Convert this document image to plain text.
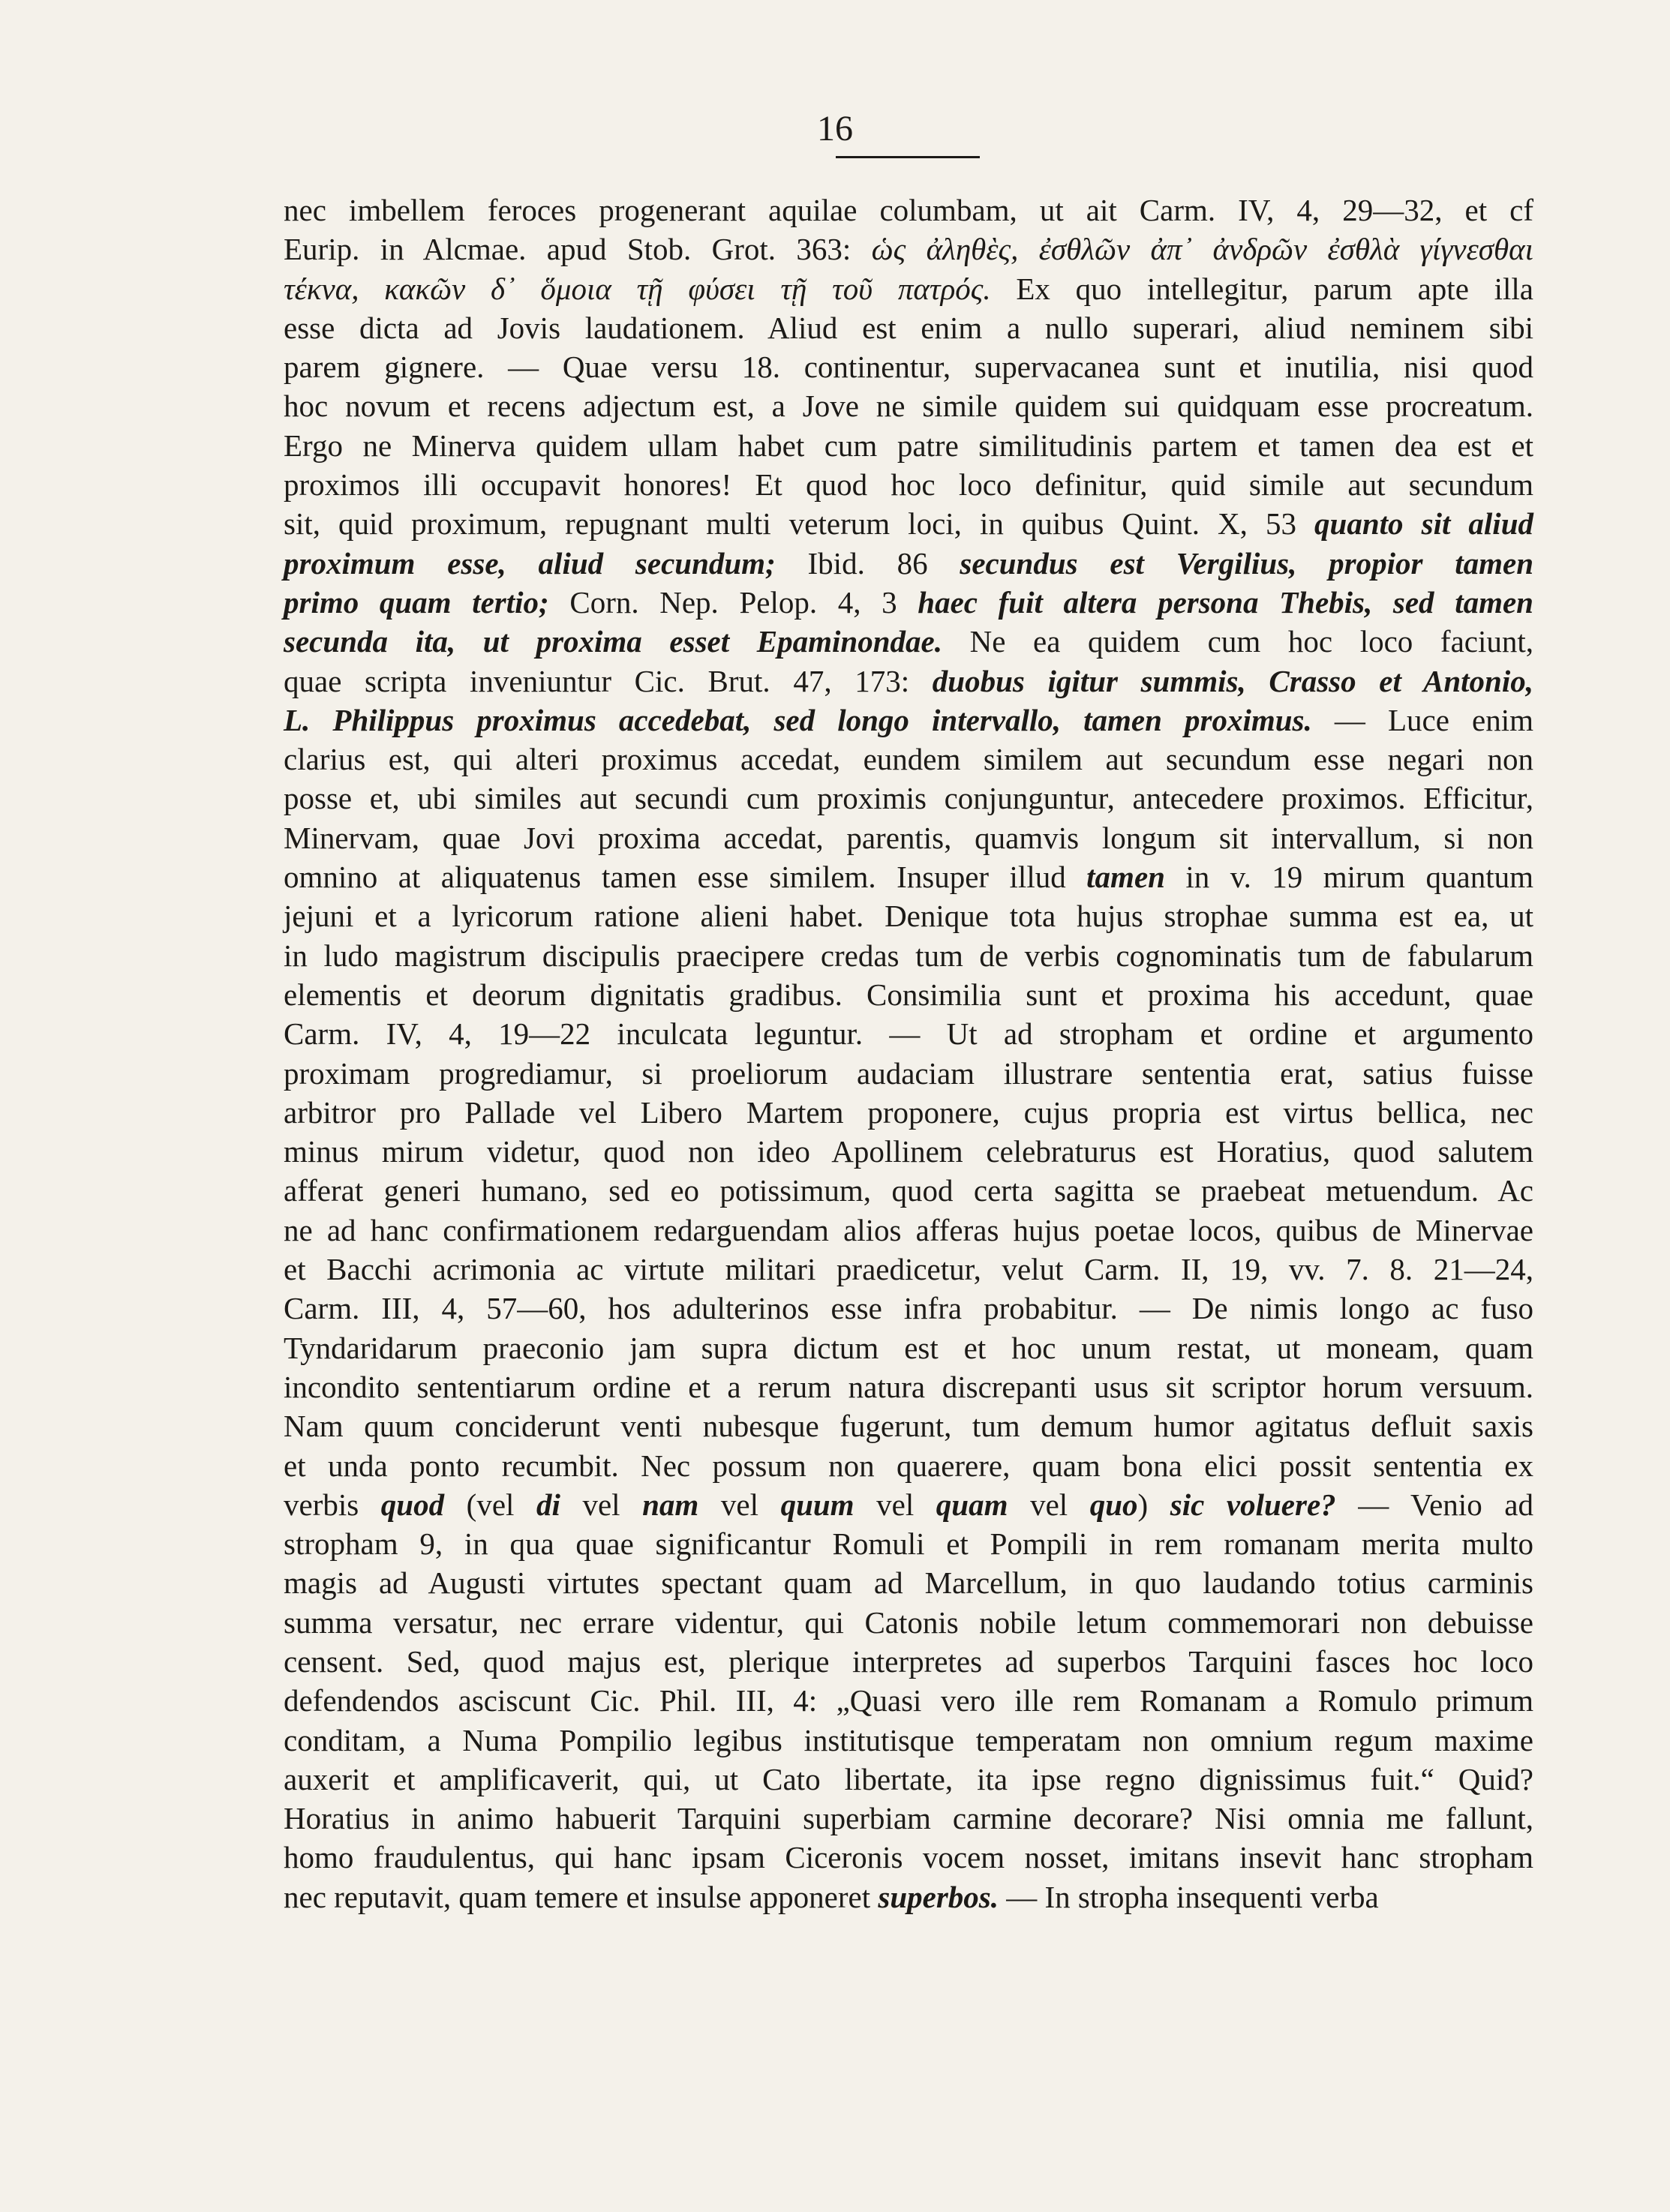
16
nec imbellem feroces progenerant aquilae columbam, ut ait Carm. IV, 4, 29—32, et cf
Eurip. in Alcmae. apud Stob. Grot. 363: ὡς ἀληθὲς, ἐσθλῶν ἀπ᾽ ἀνδρῶν ἐσθλὰ γίγνεσθαι
τέκνα, κακῶν δ᾽ ὅμοια τῇ φύσει τῇ τοῦ πατρός. Ex quo intellegitur, parum apte illa
esse dicta ad Jovis laudationem. Aliud est enim a nullo superari, aliud neminem sibi
parem gignere. — Quae versu 18. continentur, supervacanea sunt et inutilia, nisi quod
hoc novum et recens adjectum est, a Jove ne simile quidem sui quidquam esse procreatum.
Ergo ne Minerva quidem ullam habet cum patre similitudinis partem et tamen dea est et
proximos illi occupavit honores! Et quod hoc loco definitur, quid simile aut secundum
sit, quid proximum, repugnant multi veterum loci, in quibus Quint. X, 53 quanto sit aliud
proximum esse, aliud secundum; Ibid. 86 secundus est Vergilius, propior tamen
primo quam tertio; Corn. Nep. Pelop. 4, 3 haec fuit altera persona Thebis, sed tamen
secunda ita, ut proxima esset Epaminondae. Ne ea quidem cum hoc loco faciunt,
quae scripta inveniuntur Cic. Brut. 47, 173: duobus igitur summis, Crasso et Antonio,
L. Philippus proximus accedebat, sed longo intervallo, tamen proximus. — Luce enim
clarius est, qui alteri proximus accedat, eundem similem aut secundum esse negari non
posse et, ubi similes aut secundi cum proximis conjunguntur, antecedere proximos. Efficitur,
Minervam, quae Jovi proxima accedat, parentis, quamvis longum sit intervallum, si non
omnino at aliquatenus tamen esse similem. Insuper illud tamen in v. 19 mirum quantum
jejuni et a lyricorum ratione alieni habet. Denique tota hujus strophae summa est ea, ut
in ludo magistrum discipulis praecipere credas tum de verbis cognominatis tum de fabularum
elementis et deorum dignitatis gradibus. Consimilia sunt et proxima his accedunt, quae
Carm. IV, 4, 19—22 inculcata leguntur. — Ut ad stropham et ordine et argumento
proximam progrediamur, si proeliorum audaciam illustrare sententia erat, satius fuisse
arbitror pro Pallade vel Libero Martem proponere, cujus propria est virtus bellica, nec
minus mirum videtur, quod non ideo Apollinem celebraturus est Horatius, quod salutem
afferat generi humano, sed eo potissimum, quod certa sagitta se praebeat metuendum. Ac
ne ad hanc confirmationem redarguendam alios afferas hujus poetae locos, quibus de Minervae
et Bacchi acrimonia ac virtute militari praedicetur, velut Carm. II, 19, vv. 7. 8. 21—24,
Carm. III, 4, 57—60, hos adulterinos esse infra probabitur. — De nimis longo ac fuso
Tyndaridarum praeconio jam supra dictum est et hoc unum restat, ut moneam, quam
incondito sententiarum ordine et a rerum natura discrepanti usus sit scriptor horum versuum.
Nam quum conciderunt venti nubesque fugerunt, tum demum humor agitatus defluit saxis
et unda ponto recumbit. Nec possum non quaerere, quam bona elici possit sententia ex
verbis quod (vel di vel nam vel quum vel quam vel quo) sic voluere? — Venio ad
stropham 9, in qua quae significantur Romuli et Pompili in rem romanam merita multo
magis ad Augusti virtutes spectant quam ad Marcellum, in quo laudando totius carminis
summa versatur, nec errare videntur, qui Catonis nobile letum commemorari non debuisse
censent. Sed, quod majus est, plerique interpretes ad superbos Tarquini fasces hoc loco
defendendos asciscunt Cic. Phil. III, 4: „Quasi vero ille rem Romanam a Romulo primum
conditam, a Numa Pompilio legibus institutisque temperatam non omnium regum maxime
auxerit et amplificaverit, qui, ut Cato libertate, ita ipse regno dignissimus fuit.“ Quid?
Horatius in animo habuerit Tarquini superbiam carmine decorare? Nisi omnia me fallunt,
homo fraudulentus, qui hanc ipsam Ciceronis vocem nosset, imitans insevit hanc stropham
nec reputavit, quam temere et insulse apponeret superbos. — In stropha insequenti verba
